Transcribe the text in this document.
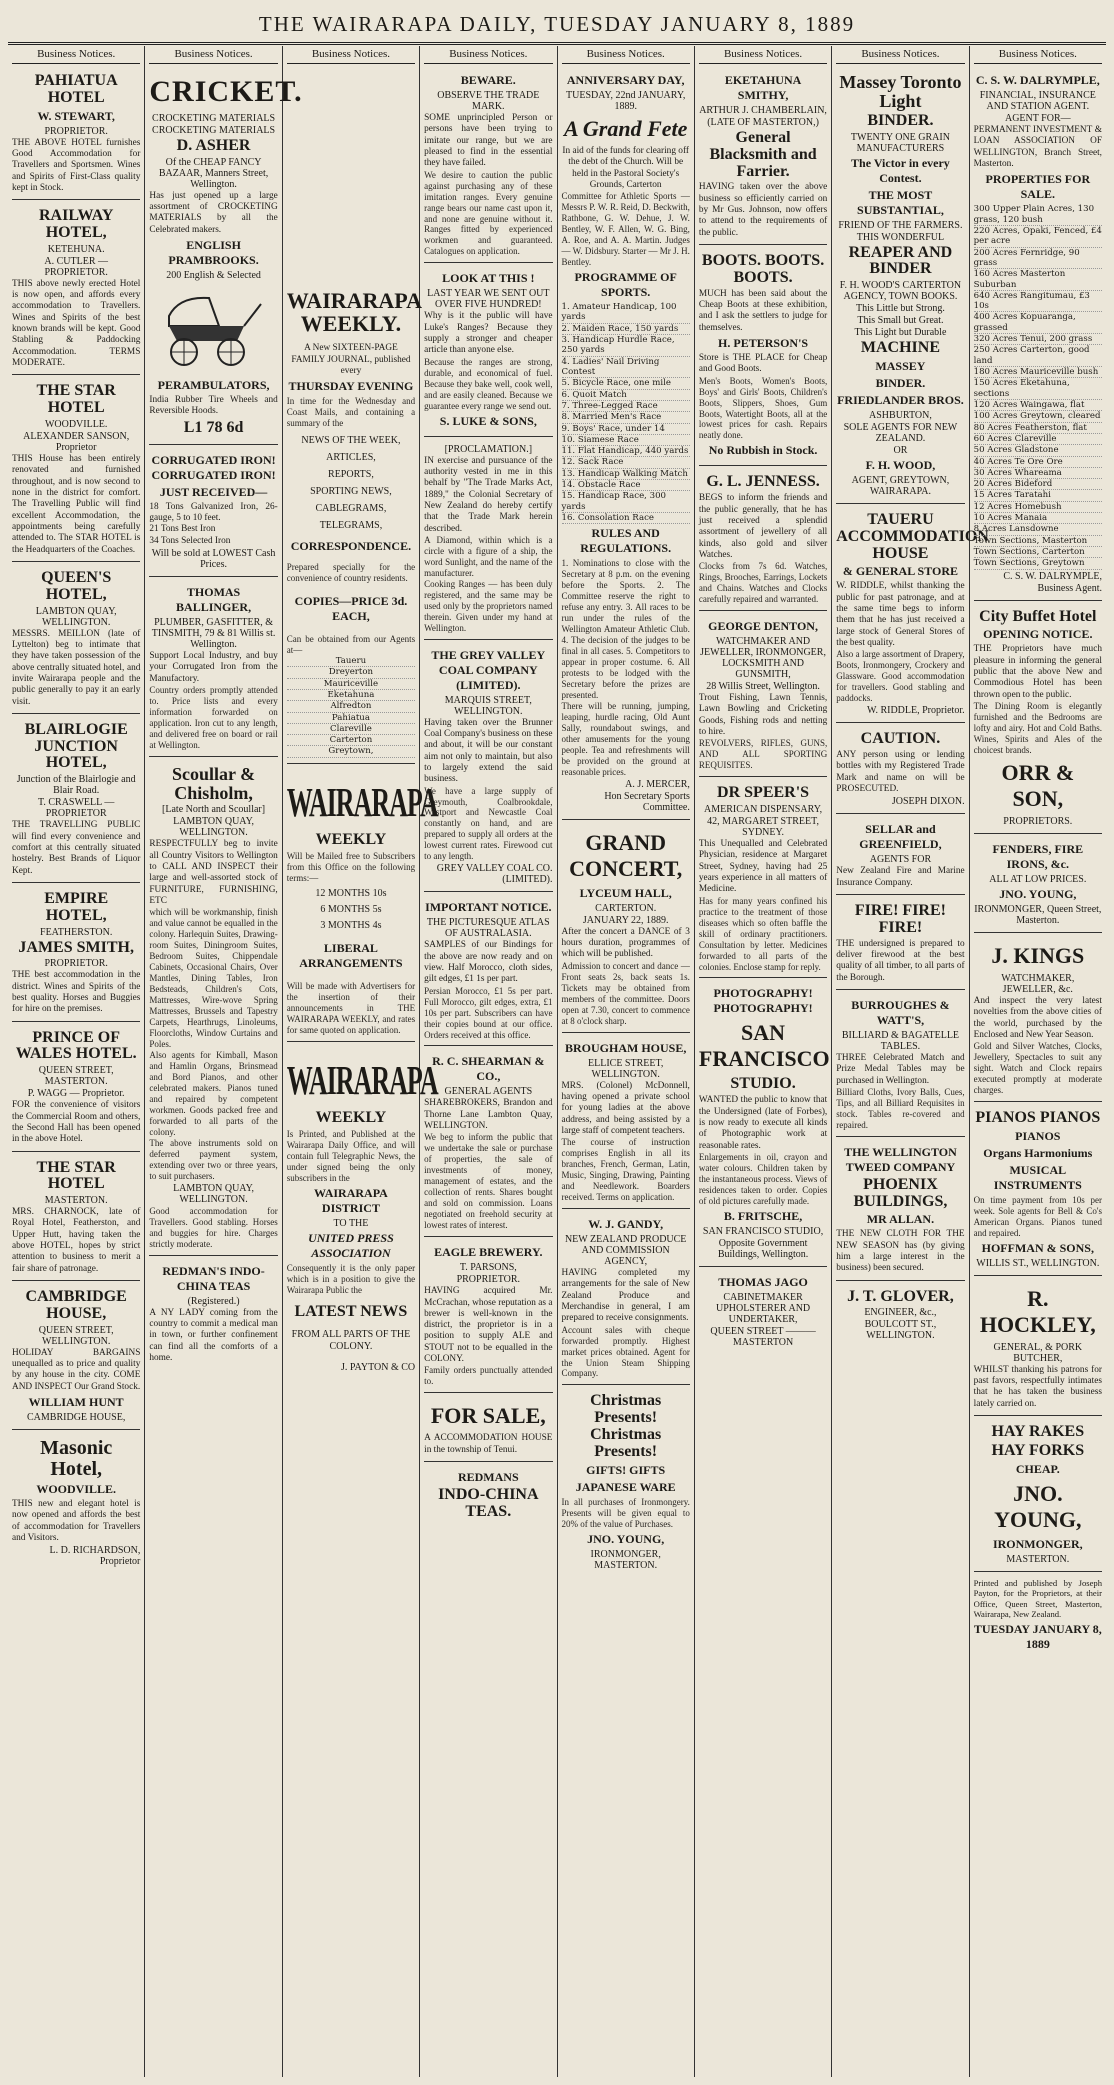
THE WAIRARAPA DAILY, TUESDAY JANUARY 8, 1889
Business Notices.
PAHIATUA HOTEL
W. STEWART,
PROPRIETOR.
THE ABOVE HOTEL furnishes Good Accommodation for Travellers and Sportsmen. Wines and Spirits of First-Class quality kept in Stock.
RAILWAY HOTEL,
KETEHUNA.
A. CUTLER — PROPRIETOR.
THIS above newly erected Hotel is now open, and affords every accommodation to Travellers. Wines and Spirits of the best known brands will be kept. Good Stabling & Paddocking Accommodation. TERMS MODERATE.
THE STAR HOTEL
WOODVILLE.
ALEXANDER SANSON, Proprietor
THIS House has been entirely renovated and furnished throughout, and is now second to none in the district for comfort. The Travelling Public will find excellent Accommodation, the appointments being carefully attended to. The STAR HOTEL is the Headquarters of the Coaches.
QUEEN'S HOTEL,
LAMBTON QUAY, WELLINGTON.
MESSRS. MEILLON (late of Lyttelton) beg to intimate that they have taken possession of the above centrally situated hotel, and invite Wairarapa people and the public generally to pay it an early visit.
BLAIRLOGIE JUNCTION HOTEL,
Junction of the Blairlogie and Blair Road.
T. CRASWELL — PROPRIETOR
THE TRAVELLING PUBLIC will find every convenience and comfort at this centrally situated hostelry. Best Brands of Liquor Kept.
EMPIRE HOTEL,
FEATHERSTON.
JAMES SMITH,
PROPRIETOR.
THE best accommodation in the district. Wines and Spirits of the best quality. Horses and Buggies for hire on the premises.
PRINCE OF WALES HOTEL.
QUEEN STREET, MASTERTON.
P. WAGG — Proprietor.
FOR the convenience of visitors the Commercial Room and others, the Second Hall has been opened in the above Hotel.
THE STAR HOTEL
MASTERTON.
MRS. CHARNOCK, late of Royal Hotel, Featherston, and Upper Hutt, having taken the above HOTEL, hopes by strict attention to business to merit a fair share of patronage.
CAMBRIDGE HOUSE,
QUEEN STREET, WELLINGTON.
HOLIDAY BARGAINS unequalled as to price and quality by any house in the city. COME AND INSPECT Our Grand Stock.
WILLIAM HUNT
CAMBRIDGE HOUSE,
Masonic Hotel,
WOODVILLE.
THIS new and elegant hotel is now opened and affords the best of accommodation for Travellers and Visitors.
L. D. RICHARDSON, Proprietor
Business Notices.
CRICKET.
CROCKETING MATERIALS
CROCKETING MATERIALS
D. ASHER
Of the CHEAP FANCY BAZAAR, Manners Street, Wellington.
Has just opened up a large assortment of CROCKETING MATERIALS by all the Celebrated makers.
ENGLISH PRAMBROOKS.
200 English & Selected
PERAMBULATORS,
India Rubber Tire Wheels and Reversible Hoods.
L1 78 6d
CORRUGATED IRON! CORRUGATED IRON!
JUST RECEIVED—
18 Tons Galvanized Iron, 26-gauge, 5 to 10 feet.
21 Tons Best Iron
34 Tons Selected Iron
Will be sold at LOWEST Cash Prices.
THOMAS BALLINGER,
PLUMBER, GASFITTER, & TINSMITH, 79 & 81 Willis st. Wellington.
Support Local Industry, and buy your Corrugated Iron from the Manufactory.
Country orders promptly attended to. Price lists and every information forwarded on application. Iron cut to any length, and delivered free on board or rail at Wellington.
Scoullar & Chisholm,
[Late North and Scoullar]
LAMBTON QUAY, WELLINGTON.
RESPECTFULLY beg to invite all Country Visitors to Wellington to CALL AND INSPECT their large and well-assorted stock of FURNITURE, FURNISHING, ETC
which will be workmanship, finish and value cannot be equalled in the colony. Harlequin Suites, Drawing-room Suites, Diningroom Suites, Bedroom Suites, Chippendale Cabinets, Occasional Chairs, Over Mantles, Dining Tables, Iron Bedsteads, Children's Cots, Mattresses, Wire-wove Spring Mattresses, Brussels and Tapestry Carpets, Hearthrugs, Linoleums, Floorcloths, Window Curtains and Poles.
Also agents for Kimball, Mason and Hamlin Organs, Brinsmead and Bord Pianos, and other celebrated makers. Pianos tuned and repaired by competent workmen. Goods packed free and forwarded to all parts of the colony.
The above instruments sold on deferred payment system, extending over two or three years, to suit purchasers.
LAMBTON QUAY, WELLINGTON.
Good accommodation for Travellers. Good stabling. Horses and buggies for hire. Charges strictly moderate.
REDMAN'S INDO-CHINA TEAS
(Registered.)
A NY LADY coming from the country to commit a medical man in town, or further confinement can find all the comforts of a home.
Business Notices.
WAIRARAPA WEEKLY.
A New SIXTEEN-PAGE FAMILY JOURNAL, published every
THURSDAY EVENING
In time for the Wednesday and Coast Mails, and containing a summary of the
NEWS OF THE WEEK,
ARTICLES,
REPORTS,
SPORTING NEWS,
CABLEGRAMS,
TELEGRAMS,
CORRESPONDENCE.
Prepared specially for the convenience of country residents.
COPIES—PRICE 3d. EACH,
Can be obtained from our Agents at—
Taueru
Dreyerton
Mauriceville
Eketahuna
Alfredton
Pahiatua
Clareville
Carterton
Greytown,
WAIRARAPA
WEEKLY
Will be Mailed free to Subscribers from this Office on the following terms:—
12 MONTHS 10s
6 MONTHS 5s
3 MONTHS 4s
LIBERAL ARRANGEMENTS
Will be made with Advertisers for the insertion of their announcements in THE WAIRARAPA WEEKLY, and rates for same quoted on application.
WAIRARAPA
WEEKLY
Is Printed, and Published at the Wairarapa Daily Office, and will contain full Telegraphic News, the under signed being the only subscribers in the
WAIRARAPA DISTRICT
TO THE
UNITED PRESS ASSOCIATION
Consequently it is the only paper which is in a position to give the Wairarapa Public the
LATEST NEWS
FROM ALL PARTS OF THE
COLONY.
J. PAYTON & CO
Business Notices.
BEWARE.
OBSERVE THE TRADE MARK.
SOME unprincipled Person or persons have been trying to imitate our range, but we are pleased to find in the essential they have failed.
We desire to caution the public against purchasing any of these imitation ranges. Every genuine range bears our name cast upon it, and none are genuine without it. Ranges fitted by experienced workmen and guaranteed. Catalogues on application.
LOOK AT THIS !
LAST YEAR WE SENT OUT OVER FIVE HUNDRED!
Why is it the public will have Luke's Ranges? Because they supply a stronger and cheaper article than anyone else.
Because the ranges are strong, durable, and economical of fuel. Because they bake well, cook well, and are easily cleaned. Because we guarantee every range we send out.
S. LUKE & SONS,
[PROCLAMATION.]
IN exercise and pursuance of the authority vested in me in this behalf by "The Trade Marks Act, 1889," the Colonial Secretary of New Zealand do hereby certify that the Trade Mark herein described.
A Diamond, within which is a circle with a figure of a ship, the word Sunlight, and the name of the manufacturer.
Cooking Ranges — has been duly registered, and the same may be used only by the proprietors named therein. Given under my hand at Wellington.
THE GREY VALLEY COAL COMPANY (LIMITED).
MARQUIS STREET, WELLINGTON.
Having taken over the Brunner Coal Company's business on these and about, it will be our constant aim not only to maintain, but also to largely extend the said business.
We have a large supply of Greymouth, Coalbrookdale, Westport and Newcastle Coal constantly on hand, and are prepared to supply all orders at the lowest current rates. Firewood cut to any length.
GREY VALLEY COAL CO. (LIMITED).
IMPORTANT NOTICE.
THE PICTURESQUE ATLAS OF AUSTRALASIA.
SAMPLES of our Bindings for the above are now ready and on view. Half Morocco, cloth sides, gilt edges, £1 1s per part.
Persian Morocco, £1 5s per part. Full Morocco, gilt edges, extra, £1 10s per part. Subscribers can have their copies bound at our office. Orders received at this office.
R. C. SHEARMAN & CO.,
GENERAL AGENTS
SHAREBROKERS, Brandon and Thorne Lane Lambton Quay, WELLINGTON.
We beg to inform the public that we undertake the sale or purchase of properties, the sale of investments of money, management of estates, and the collection of rents. Shares bought and sold on commission. Loans negotiated on freehold security at lowest rates of interest.
EAGLE BREWERY.
T. PARSONS,
PROPRIETOR.
HAVING acquired Mr. McCrachan, whose reputation as a brewer is well-known in the district, the proprietor is in a position to supply ALE and STOUT not to be equalled in the COLONY.
Family orders punctually attended to.
FOR SALE,
A ACCOMMODATION HOUSE in the township of Tenui.
REDMANS
INDO-CHINA TEAS.
Business Notices.
ANNIVERSARY DAY,
TUESDAY, 22nd JANUARY, 1889.
A Grand Fete
In aid of the funds for clearing off the debt of the Church. Will be held in the Pastoral Society's Grounds, Carterton
Committee for Athletic Sports — Messrs P. W. R. Reid, D. Beckwith, Rathbone, G. W. Dehue, J. W. Bentley, W. F. Allen, W. G. Bing, A. Roe, and A. A. Martin. Judges — W. Didsbury. Starter — Mr J. H. Bentley.
PROGRAMME OF SPORTS.
1. Amateur Handicap, 100 yards
2. Maiden Race, 150 yards
3. Handicap Hurdle Race, 250 yards
4. Ladies' Nail Driving Contest
5. Bicycle Race, one mile
6. Quoit Match
7. Three-Legged Race
8. Married Men's Race
9. Boys' Race, under 14
10. Siamese Race
11. Flat Handicap, 440 yards
12. Sack Race
13. Handicap Walking Match
14. Obstacle Race
15. Handicap Race, 300 yards
16. Consolation Race
RULES AND REGULATIONS.
1. Nominations to close with the Secretary at 8 p.m. on the evening before the Sports. 2. The Committee reserve the right to refuse any entry. 3. All races to be run under the rules of the Wellington Amateur Athletic Club. 4. The decision of the judges to be final in all cases. 5. Competitors to appear in proper costume. 6. All protests to be lodged with the Secretary before the prizes are presented.
There will be running, jumping, leaping, hurdle racing, Old Aunt Sally, roundabout swings, and other amusements for the young people. Tea and refreshments will be provided on the ground at reasonable prices.
A. J. MERCER,
Hon Secretary Sports Committee.
GRAND CONCERT,
LYCEUM HALL,
CARTERTON.
JANUARY 22, 1889.
After the concert a DANCE of 3 hours duration, programmes of which will be published.
Admission to concert and dance — Front seats 2s, back seats 1s. Tickets may be obtained from members of the committee. Doors open at 7.30, concert to commence at 8 o'clock sharp.
BROUGHAM HOUSE,
ELLICE STREET, WELLINGTON.
MRS. (Colonel) McDonnell, having opened a private school for young ladies at the above address, and being assisted by a large staff of competent teachers.
The course of instruction comprises English in all its branches, French, German, Latin, Music, Singing, Drawing, Painting and Needlework. Boarders received. Terms on application.
W. J. GANDY,
NEW ZEALAND PRODUCE AND COMMISSION AGENCY,
HAVING completed my arrangements for the sale of New Zealand Produce and Merchandise in general, I am prepared to receive consignments.
Account sales with cheque forwarded promptly. Highest market prices obtained. Agent for the Union Steam Shipping Company.
Christmas Presents! Christmas Presents!
GIFTS! GIFTS
JAPANESE WARE
In all purchases of Ironmongery. Presents will be given equal to 20% of the value of Purchases.
JNO. YOUNG,
IRONMONGER, MASTERTON.
Business Notices.
EKETAHUNA SMITHY,
ARTHUR J. CHAMBERLAIN,
(LATE OF MASTERTON,)
General Blacksmith and Farrier.
HAVING taken over the above business so efficiently carried on by Mr Gus. Johnson, now offers to attend to the requirements of the public.
BOOTS. BOOTS. BOOTS.
MUCH has been said about the Cheap Boots at these exhibition, and I ask the settlers to judge for themselves.
H. PETERSON'S
Store is THE PLACE for Cheap and Good Boots.
Men's Boots, Women's Boots, Boys' and Girls' Boots, Children's Boots, Slippers, Shoes, Gum Boots, Watertight Boots, all at the lowest prices for cash. Repairs neatly done.
No Rubbish in Stock.
G. L. JENNESS.
BEGS to inform the friends and the public generally, that he has just received a splendid assortment of jewellery of all kinds, also gold and silver Watches.
Clocks from 7s 6d. Watches, Rings, Brooches, Earrings, Lockets and Chains. Watches and Clocks carefully repaired and warranted.
GEORGE DENTON,
WATCHMAKER AND JEWELLER, IRONMONGER, LOCKSMITH AND GUNSMITH,
28 Willis Street, Wellington.
Trout Fishing, Lawn Tennis, Lawn Bowling and Cricketing Goods, Fishing rods and netting to hire.
REVOLVERS, RIFLES, GUNS, AND ALL SPORTING REQUISITES.
DR SPEER'S
AMERICAN DISPENSARY,
42, MARGARET STREET, SYDNEY.
This Unequalled and Celebrated Physician, residence at Margaret Street, Sydney, having had 25 years experience in all matters of Medicine.
Has for many years confined his practice to the treatment of those diseases which so often baffle the skill of ordinary practitioners. Consultation by letter. Medicines forwarded to all parts of the colonies. Enclose stamp for reply.
PHOTOGRAPHY! PHOTOGRAPHY!
SAN FRANCISCO
STUDIO.
WANTED the public to know that the Undersigned (late of Forbes), is now ready to execute all kinds of Photographic work at reasonable rates.
Enlargements in oil, crayon and water colours. Children taken by the instantaneous process. Views of residences taken to order. Copies of old pictures carefully made.
B. FRITSCHE,
SAN FRANCISCO STUDIO,
Opposite Government Buildings, Wellington.
THOMAS JAGO
CABINETMAKER UPHOLSTERER AND UNDERTAKER,
QUEEN STREET ——— MASTERTON
Business Notices.
Massey Toronto Light
BINDER.
TWENTY ONE GRAIN MANUFACTURERS
The Victor in every Contest.
THE MOST SUBSTANTIAL,
FRIEND OF THE FARMERS.
THIS WONDERFUL
REAPER AND BINDER
F. H. WOOD'S CARTERTON AGENCY, TOWN BOOKS.
This Little but Strong.
This Small but Great.
This Light but Durable
MACHINE
MASSEY
BINDER.
FRIEDLANDER BROS.
ASHBURTON,
SOLE AGENTS FOR NEW ZEALAND.
OR
F. H. WOOD,
AGENT, GREYTOWN, WAIRARAPA.
TAUERU ACCOMMODATION HOUSE
& GENERAL STORE
W. RIDDLE, whilst thanking the public for past patronage, and at the same time begs to inform them that he has just received a large stock of General Stores of the best quality.
Also a large assortment of Drapery, Boots, Ironmongery, Crockery and Glassware. Good accommodation for travellers. Good stabling and paddocks.
W. RIDDLE, Proprietor.
CAUTION.
ANY person using or lending bottles with my Registered Trade Mark and name on will be PROSECUTED.
JOSEPH DIXON.
SELLAR and GREENFIELD,
AGENTS FOR
New Zealand Fire and Marine Insurance Company.
FIRE! FIRE! FIRE!
THE undersigned is prepared to deliver firewood at the best quality of all timber, to all parts of the Borough.
BURROUGHES & WATT'S,
BILLIARD & BAGATELLE TABLES.
THREE Celebrated Match and Prize Medal Tables may be purchased in Wellington.
Billiard Cloths, Ivory Balls, Cues, Tips, and all Billiard Requisites in stock. Tables re-covered and repaired.
THE WELLINGTON TWEED COMPANY
PHOENIX BUILDINGS,
MR ALLAN.
THE NEW CLOTH FOR THE NEW SEASON has (by giving him a large interest in the business) been secured.
J. T. GLOVER,
ENGINEER, &c.,
BOULCOTT ST., WELLINGTON.
Business Notices.
C. S. W. DALRYMPLE,
FINANCIAL, INSURANCE AND STATION AGENT.
AGENT FOR—
PERMANENT INVESTMENT & LOAN ASSOCIATION OF WELLINGTON, Branch Street, Masterton.
PROPERTIES FOR SALE.
300 Upper Plain Acres, 130 grass, 120 bush
220 Acres, Opaki, Fenced, £4 per acre
200 Acres Fernridge, 90 grass
160 Acres Masterton Suburban
640 Acres Rangitumau, £3 10s
400 Acres Kopuaranga, grassed
320 Acres Tenui, 200 grass
250 Acres Carterton, good land
180 Acres Mauriceville bush
150 Acres Eketahuna, sections
120 Acres Waingawa, flat
100 Acres Greytown, cleared
80 Acres Featherston, flat
60 Acres Clareville
50 Acres Gladstone
40 Acres Te Ore Ore
30 Acres Whareama
20 Acres Bideford
15 Acres Taratahi
12 Acres Homebush
10 Acres Manaia
8 Acres Lansdowne
Town Sections, Masterton
Town Sections, Carterton
Town Sections, Greytown
C. S. W. DALRYMPLE,
Business Agent.
City Buffet Hotel
OPENING NOTICE.
THE Proprietors have much pleasure in informing the general public that the above New and Commodious Hotel has been thrown open to the public.
The Dining Room is elegantly furnished and the Bedrooms are lofty and airy. Hot and Cold Baths. Wines, Spirits and Ales of the choicest brands.
ORR & SON,
PROPRIETORS.
FENDERS, FIRE IRONS, &c.
ALL AT LOW PRICES.
JNO. YOUNG,
IRONMONGER, Queen Street, Masterton.
J. KINGS
WATCHMAKER, JEWELLER, &c.
And inspect the very latest novelties from the above cities of the world, purchased by the Enclosed and New Year Season.
Gold and Silver Watches, Clocks, Jewellery, Spectacles to suit any sight. Watch and Clock repairs executed promptly at moderate charges.
PIANOS PIANOS
PIANOS
Organs Harmoniums
MUSICAL INSTRUMENTS
On time payment from 10s per week. Sole agents for Bell & Co's American Organs. Pianos tuned and repaired.
HOFFMAN & SONS,
WILLIS ST., WELLINGTON.
R. HOCKLEY,
GENERAL, & PORK BUTCHER,
WHILST thanking his patrons for past favors, respectfully intimates that he has taken the business lately carried on.
HAY RAKES
HAY FORKS
CHEAP.
JNO. YOUNG,
IRONMONGER,
MASTERTON.
Printed and published by Joseph Payton, for the Proprietors, at their Office, Queen Street, Masterton, Wairarapa, New Zealand.
TUESDAY JANUARY 8, 1889
